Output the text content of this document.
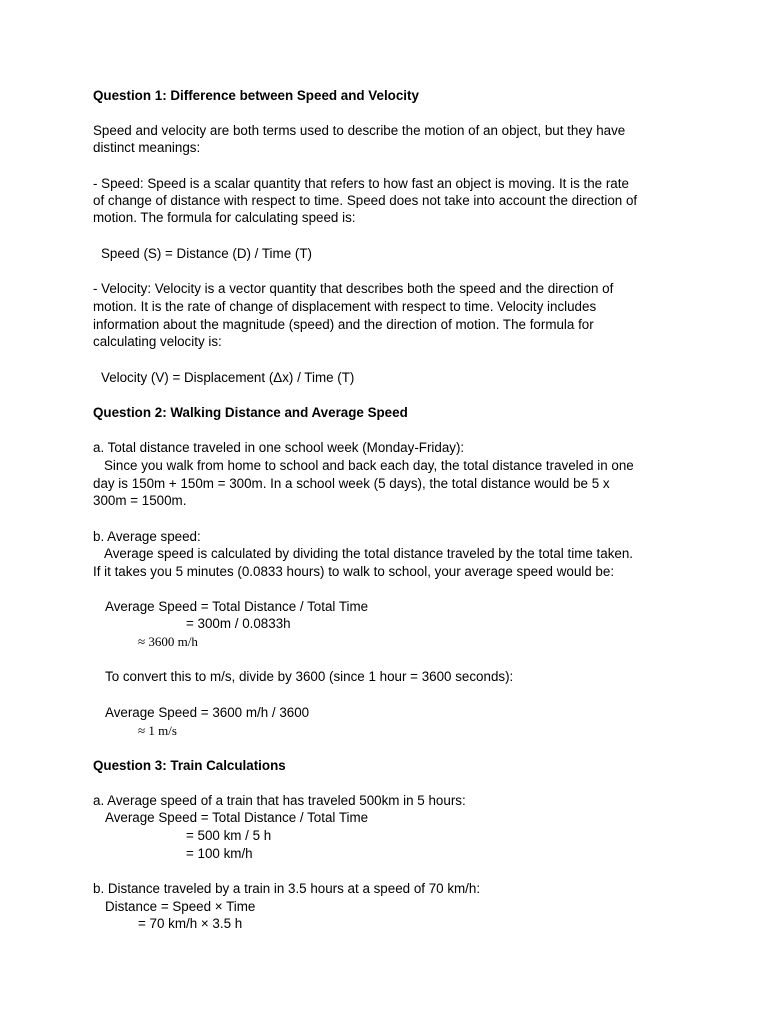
Question 1: Difference between Speed and Velocity
Speed and velocity are both terms used to describe the motion of an object, but they have
distinct meanings:
- Speed: Speed is a scalar quantity that refers to how fast an object is moving. It is the rate
of change of distance with respect to time. Speed does not take into account the direction of
motion. The formula for calculating speed is:
Speed (S) = Distance (D) / Time (T)
- Velocity: Velocity is a vector quantity that describes both the speed and the direction of
motion. It is the rate of change of displacement with respect to time. Velocity includes
information about the magnitude (speed) and the direction of motion. The formula for
calculating velocity is:
Velocity (V) = Displacement (Δx) / Time (T)
Question 2: Walking Distance and Average Speed
a. Total distance traveled in one school week (Monday-Friday):
Since you walk from home to school and back each day, the total distance traveled in one
day is 150m + 150m = 300m. In a school week (5 days), the total distance would be 5 x
300m = 1500m.
b. Average speed:
Average speed is calculated by dividing the total distance traveled by the total time taken.
If it takes you 5 minutes (0.0833 hours) to walk to school, your average speed would be:
Average Speed = Total Distance / Total Time
= 300m / 0.0833h
≈ 3600 m/h
To convert this to m/s, divide by 3600 (since 1 hour = 3600 seconds):
Average Speed = 3600 m/h / 3600
≈ 1 m/s
Question 3: Train Calculations
a. Average speed of a train that has traveled 500km in 5 hours:
Average Speed = Total Distance / Total Time
= 500 km / 5 h
= 100 km/h
b. Distance traveled by a train in 3.5 hours at a speed of 70 km/h:
Distance = Speed × Time
= 70 km/h × 3.5 h
